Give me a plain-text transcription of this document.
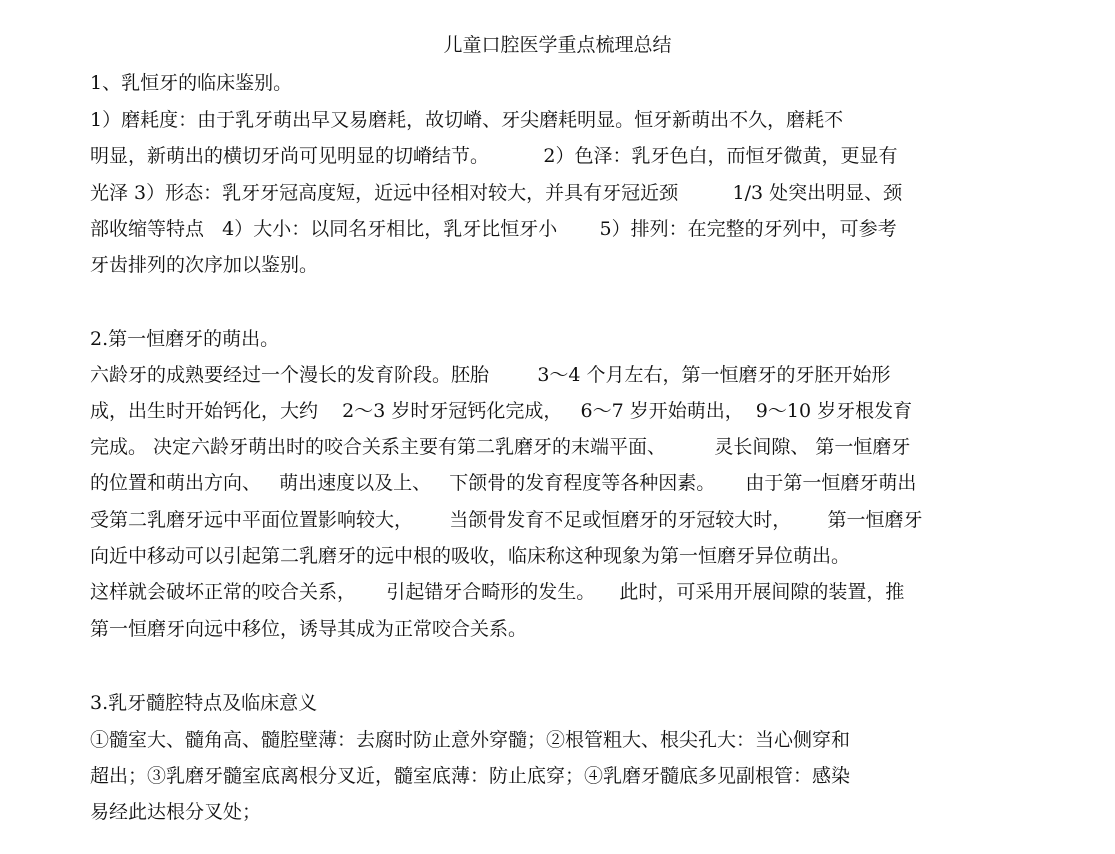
儿童口腔医学重点梳理总结
1、乳恒牙的临床鉴别。
1）磨耗度：由于乳牙萌出早又易磨耗，故切嵴、牙尖磨耗明显。恒牙新萌出不久，磨耗不
明显，新萌出的横切牙尚可见明显的切嵴结节。         2）色泽：乳牙色白，而恒牙微黄，更显有
光泽 3）形态：乳牙牙冠高度短，近远中径相对较大，并具有牙冠近颈         1/3 处突出明显、颈
部收缩等特点   4）大小：以同名牙相比，乳牙比恒牙小       5）排列：在完整的牙列中，可参考
牙齿排列的次序加以鉴别。
2.第一恒磨牙的萌出。
六龄牙的成熟要经过一个漫长的发育阶段。胚胎        3～4 个月左右，第一恒磨牙的牙胚开始形
成，出生时开始钙化，大约    2～3 岁时牙冠钙化完成，   6～7 岁开始萌出，  9～10 岁牙根发育
完成。 决定六龄牙萌出时的咬合关系主要有第二乳磨牙的末端平面、        灵长间隙、 第一恒磨牙
的位置和萌出方向、   萌出速度以及上、   下颌骨的发育程度等各种因素。     由于第一恒磨牙萌出
受第二乳磨牙远中平面位置影响较大，      当颌骨发育不足或恒磨牙的牙冠较大时，      第一恒磨牙
向近中移动可以引起第二乳磨牙的远中根的吸收，临床称这种现象为第一恒磨牙异位萌出。
这样就会破坏正常的咬合关系，     引起错牙合畸形的发生。    此时，可采用开展间隙的装置，推
第一恒磨牙向远中移位，诱导其成为正常咬合关系。
3.乳牙髓腔特点及临床意义
①髓室大、髓角高、髓腔壁薄：去腐时防止意外穿髓；②根管粗大、根尖孔大：当心侧穿和
超出；③乳磨牙髓室底离根分叉近，髓室底薄：防止底穿；④乳磨牙髓底多见副根管：感染
易经此达根分叉处；
